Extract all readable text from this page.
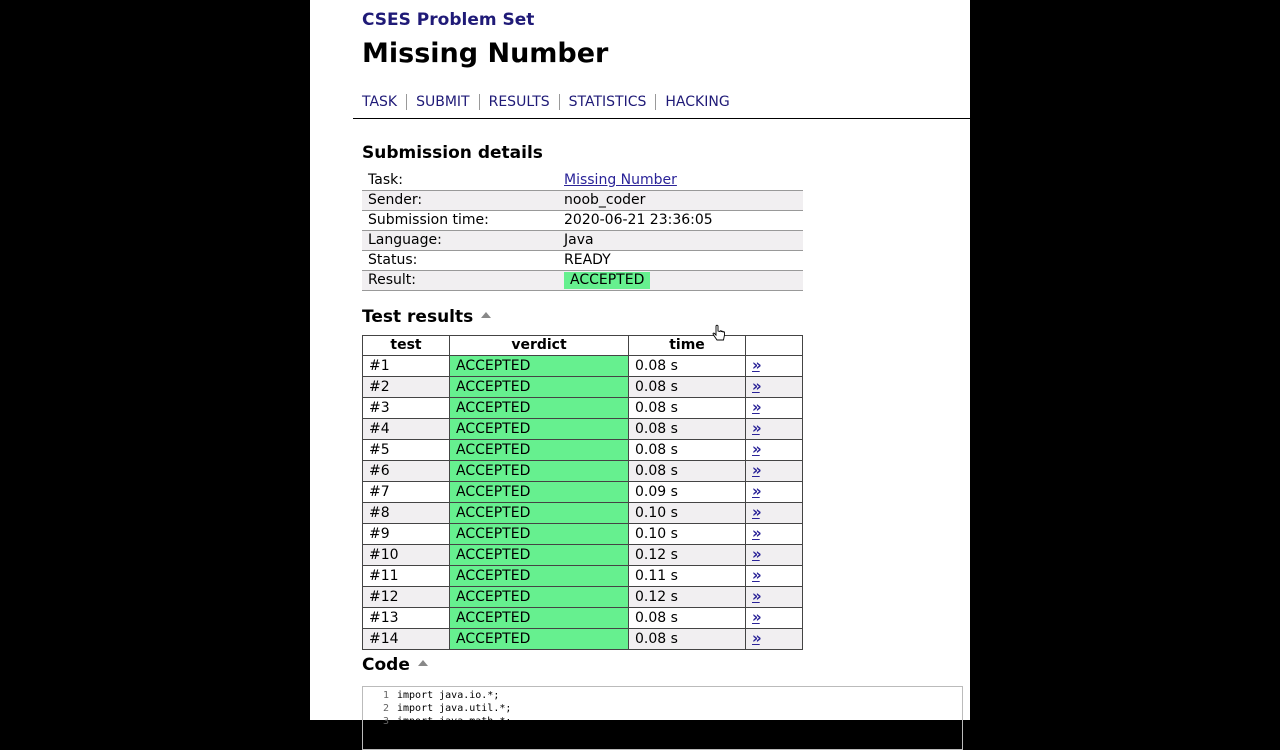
CSES Problem Set
Missing Number
TASK	SUBMIT	RESULTS	STATISTICS	HACKING
Submission details
Task:	Missing Number
Sender:	noob_coder
Submission time:	2020-06-21 23:36:05
Language:	Java
Status:	READY
Result:	ACCEPTED
Test results
test	verdict	time	
#1	ACCEPTED	0.08 s	»
#2	ACCEPTED	0.08 s	»
#3	ACCEPTED	0.08 s	»
#4	ACCEPTED	0.08 s	»
#5	ACCEPTED	0.08 s	»
#6	ACCEPTED	0.08 s	»
#7	ACCEPTED	0.09 s	»
#8	ACCEPTED	0.10 s	»
#9	ACCEPTED	0.10 s	»
#10	ACCEPTED	0.12 s	»
#11	ACCEPTED	0.11 s	»
#12	ACCEPTED	0.12 s	»
#13	ACCEPTED	0.08 s	»
#14	ACCEPTED	0.08 s	»
Code
1 import java.io.*;
2 import java.util.*;
3 import java.math.*;
